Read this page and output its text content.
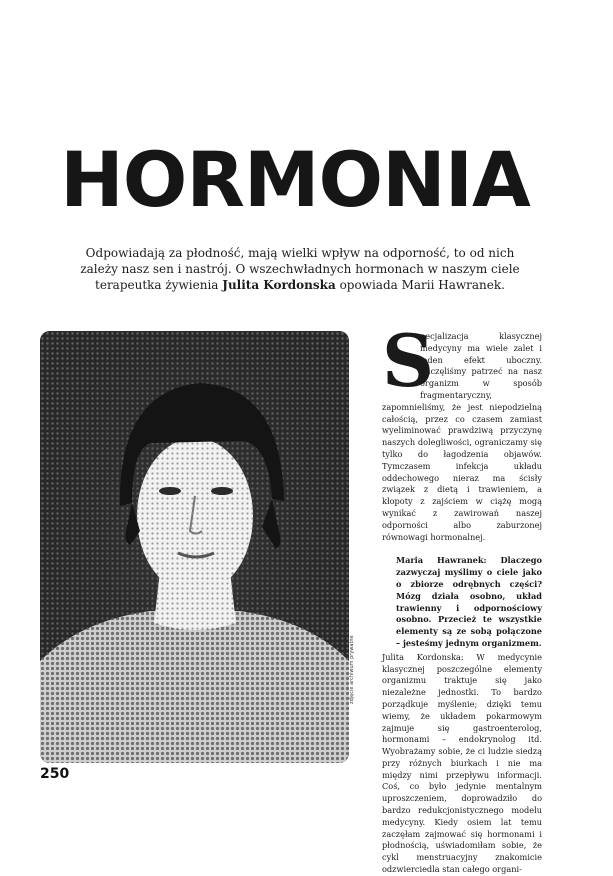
HORMONIA

Odpowiadają za płodność, mają wielki wpływ na odporność, to od nich zależy nasz sen i nastrój. O wszechwładnych hormonach w naszym ciele terapeutka żywienia Julita Kordonska opowiada Marii Hawranek.

zdjęcie archiwum prywatne

S
pecjalizacja klasycznej medycyny ma wiele zalet i jeden efekt uboczny. Zaczęliśmy patrzeć na nasz organizm w sposób fragmentaryczny, zapomnieliśmy, że jest niepodzielną całością, przez co czasem zamiast wyeliminować prawdziwą przyczynę naszych dolegliwości, ograniczamy się tylko do łagodzenia objawów. Tymczasem infekcja układu oddechowego nieraz ma ścisły związek z dietą i trawieniem, a kłopoty z zajściem w ciążę mogą wynikać z zawirowań naszej odporności albo zaburzonej równowagi hormonalnej.

Maria Hawranek: Dlaczego zazwyczaj myślimy o ciele jako o zbiorze odrębnych części? Mózg działa osobno, układ trawienny i odpornościowy osobno. Przecież te wszystkie elementy są ze sobą połączone – jesteśmy jednym organizmem.

Julita Kordonska: W medycynie klasycznej poszczególne elementy organizmu traktuje się jako niezależne jednostki. To bardzo porządkuje myślenie; dzięki temu wiemy, że układem pokarmowym zajmuje się gastroenterolog, hormonami – endokrynolog itd. Wyobrażamy sobie, że ci ludzie siedzą przy różnych biurkach i nie ma między nimi przepływu informacji. Coś, co było jedynie mentalnym uproszczeniem, doprowadziło do bardzo redukcjonistycznego modelu medycyny. Kiedy osiem lat temu zaczęłam zajmować się hormonami i płodnością, uświadomiłam sobie, że cykl menstruacyjny znakomicie odzwierciedla stan całego organi-

250
